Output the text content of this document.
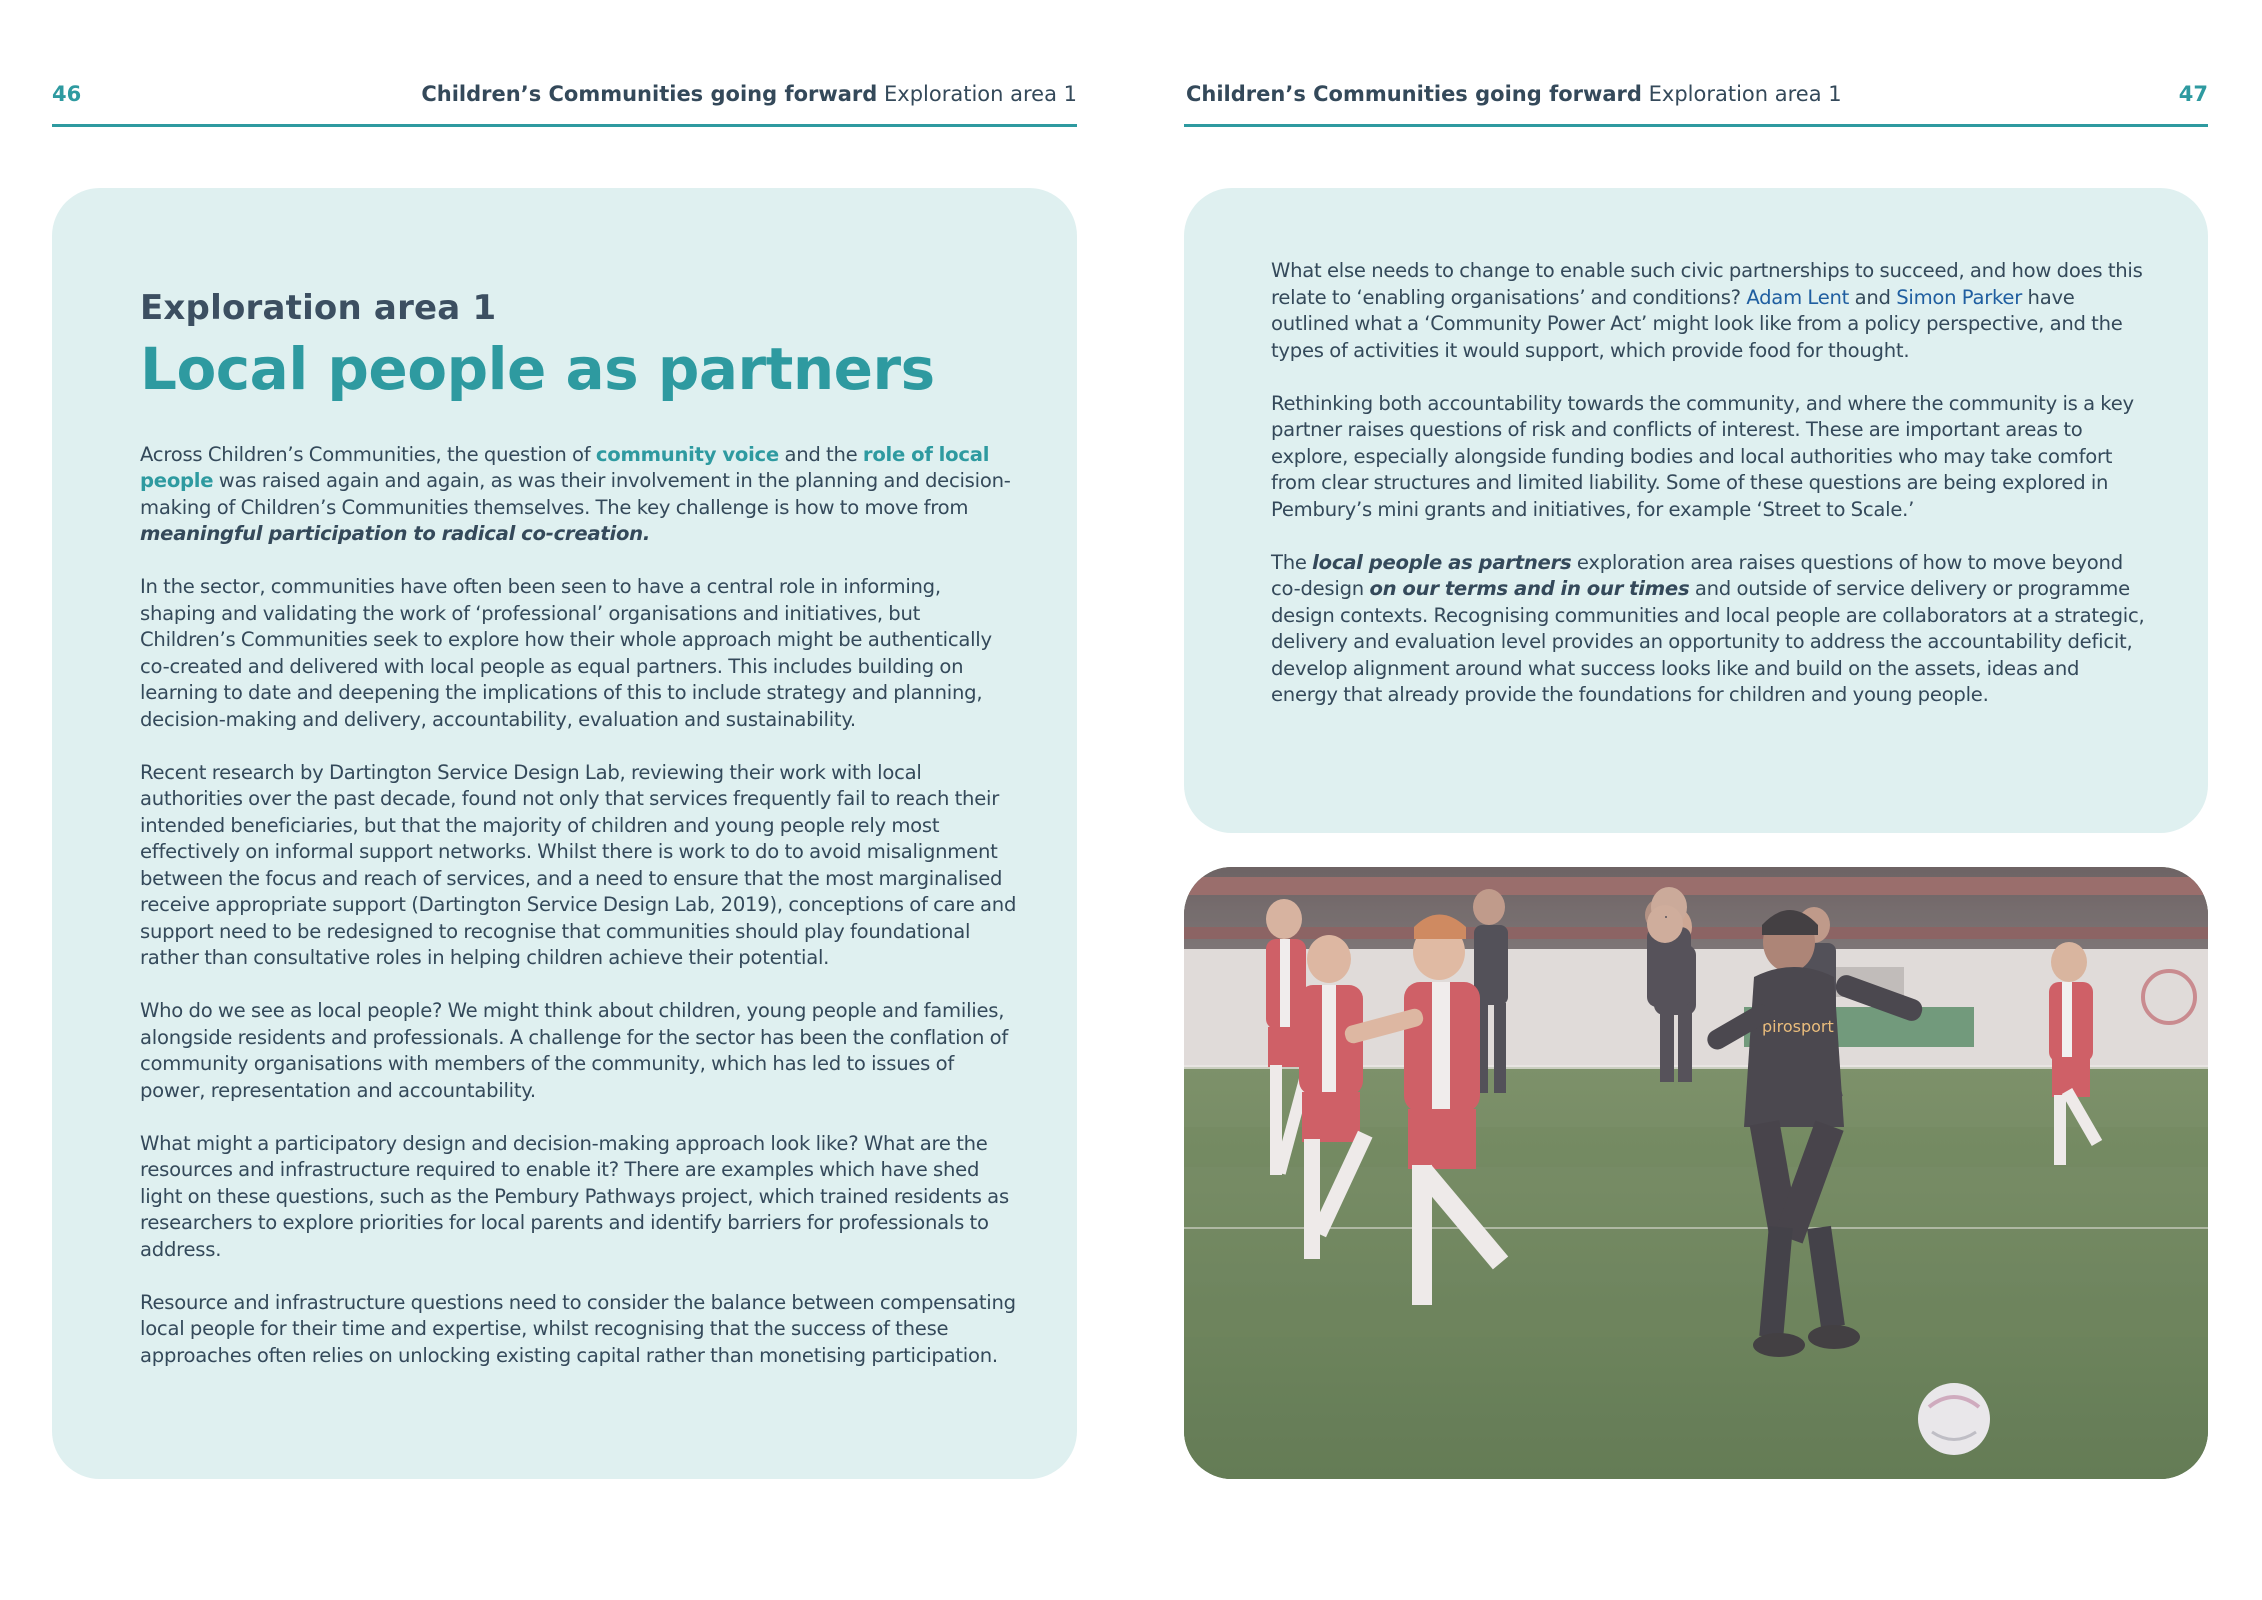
46	Children’s Communities going forward Exploration area 1
Exploration area 1
Local people as partners

Across Children’s Communities, the question of community voice and the role of local people was raised again and again, as was their involvement in the planning and decision-making of Children’s Communities themselves. The key challenge is how to move from meaningful participation to radical co-creation.

In the sector, communities have often been seen to have a central role in informing, shaping and validating the work of ‘professional’ organisations and initiatives, but Children’s Communities seek to explore how their whole approach might be authentically co-created and delivered with local people as equal partners. This includes building on learning to date and deepening the implications of this to include strategy and planning, decision-making and delivery, accountability, evaluation and sustainability.

Recent research by Dartington Service Design Lab, reviewing their work with local authorities over the past decade, found not only that services frequently fail to reach their intended beneficiaries, but that the majority of children and young people rely most effectively on informal support networks. Whilst there is work to do to avoid misalignment between the focus and reach of services, and a need to ensure that the most marginalised receive appropriate support (Dartington Service Design Lab, 2019), conceptions of care and support need to be redesigned to recognise that communities should play foundational rather than consultative roles in helping children achieve their potential.

Who do we see as local people? We might think about children, young people and families, alongside residents and professionals. A challenge for the sector has been the conflation of community organisations with members of the community, which has led to issues of power, representation and accountability.

What might a participatory design and decision-making approach look like? What are the resources and infrastructure required to enable it? There are examples which have shed light on these questions, such as the Pembury Pathways project, which trained residents as researchers to explore priorities for local parents and identify barriers for professionals to address.

Resource and infrastructure questions need to consider the balance between compensating local people for their time and expertise, whilst recognising that the success of these approaches often relies on unlocking existing capital rather than monetising participation.

Children’s Communities going forward Exploration area 1	47

What else needs to change to enable such civic partnerships to succeed, and how does this relate to ‘enabling organisations’ and conditions? Adam Lent and Simon Parker have outlined what a ‘Community Power Act’ might look like from a policy perspective, and the types of activities it would support, which provide food for thought.

Rethinking both accountability towards the community, and where the community is a key partner raises questions of risk and conflicts of interest. These are important areas to explore, especially alongside funding bodies and local authorities who may take comfort from clear structures and limited liability. Some of these questions are being explored in Pembury’s mini grants and initiatives, for example ‘Street to Scale.’

The local people as partners exploration area raises questions of how to move beyond co-design on our terms and in our times and outside of service delivery or programme design contexts. Recognising communities and local people are collaborators at a strategic, delivery and evaluation level provides an opportunity to address the accountability deficit, develop alignment around what success looks like and build on the assets, ideas and energy that already provide the foundations for children and young people.

pirosport
